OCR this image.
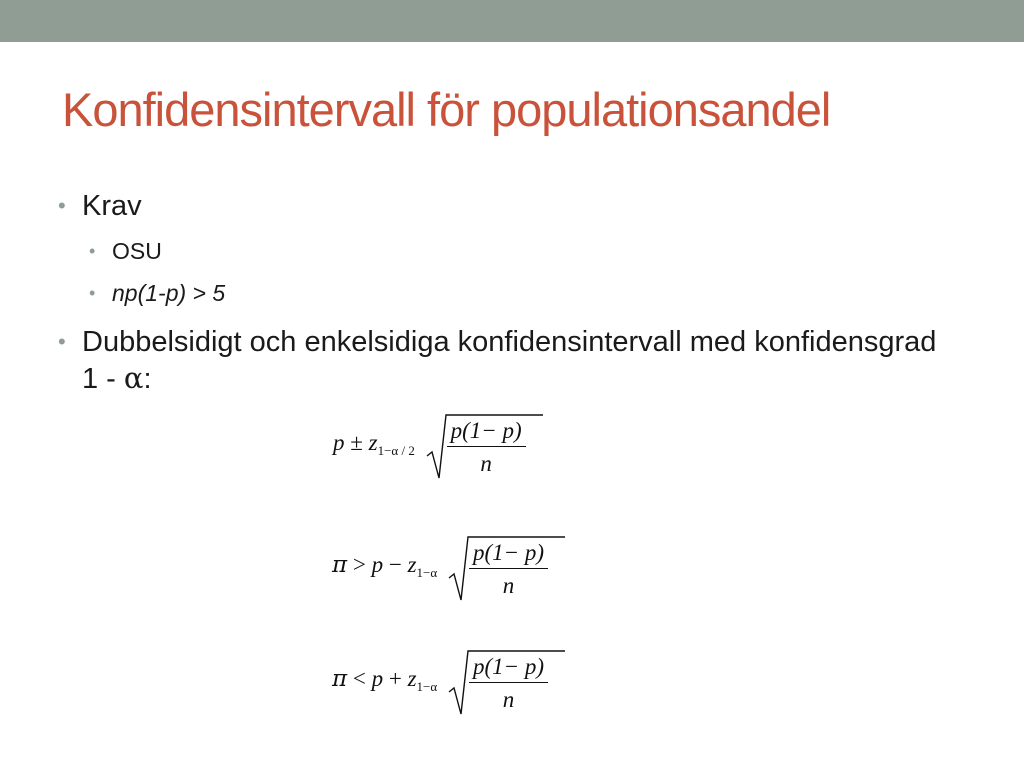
Konfidensintervall för populationsandel
• Krav
• OSU
• np(1-p) > 5
• Dubbelsidigt och enkelsidiga konfidensintervall med konfidensgrad 1 - α:
$p \pm z_{1-\alpha / 2} \frac{p(1- p)}{n}$
$\pi > p - z_{1-\alpha} \frac{p(1- p)}{n}$
$\pi < p + z_{1-\alpha} \frac{p(1- p)}{n}$
